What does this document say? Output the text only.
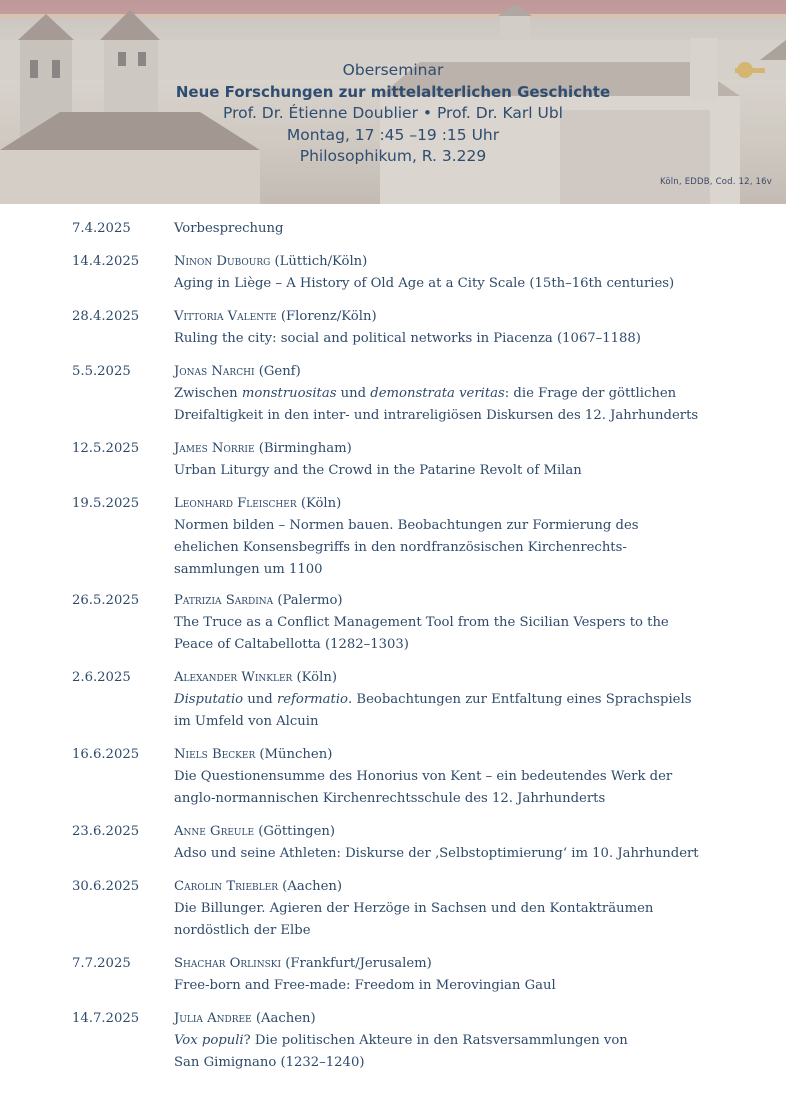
Oberseminar
Neue Forschungen zur mittelalterlichen Geschichte
Prof. Dr. Étienne Doublier • Prof. Dr. Karl Ubl
Montag, 17 :45 –19 :15 Uhr
Philosophikum, R. 3.229
Köln, EDDB, Cod. 12, 16v
7.4.2025	Vorbesprechung
14.4.2025	Ninon Dubourg (Lüttich/Köln)
Aging in Liège – A History of Old Age at a City Scale (15th–16th centuries)
28.4.2025	Vittoria Valente (Florenz/Köln)
Ruling the city: social and political networks in Piacenza (1067–1188)
5.5.2025	Jonas Narchi (Genf)
Zwischen monstruositas und demonstrata veritas: die Frage der göttlichen
Dreifaltigkeit in den inter- und intrareligiösen Diskursen des 12. Jahrhunderts
12.5.2025	James Norrie (Birmingham)
Urban Liturgy and the Crowd in the Patarine Revolt of Milan
19.5.2025	Leonhard Fleischer (Köln)
Normen bilden – Normen bauen. Beobachtungen zur Formierung des
ehelichen Konsensbegriffs in den nordfranzösischen Kirchenrechts-
sammlungen um 1100
26.5.2025	Patrizia Sardina (Palermo)
The Truce as a Conflict Management Tool from the Sicilian Vespers to the
Peace of Caltabellotta (1282–1303)
2.6.2025	Alexander Winkler (Köln)
Disputatio und reformatio. Beobachtungen zur Entfaltung eines Sprachspiels
im Umfeld von Alcuin
16.6.2025	Niels Becker (München)
Die Questionensumme des Honorius von Kent – ein bedeutendes Werk der
anglo-normannischen Kirchenrechtsschule des 12. Jahrhunderts
23.6.2025	Anne Greule (Göttingen)
Adso und seine Athleten: Diskurse der ‚Selbstoptimierung‘ im 10. Jahrhundert
30.6.2025	Carolin Triebler (Aachen)
Die Billunger. Agieren der Herzöge in Sachsen und den Kontakträumen
nordöstlich der Elbe
7.7.2025	Shachar Orlinski (Frankfurt/Jerusalem)
Free-born and Free-made: Freedom in Merovingian Gaul
14.7.2025	Julia Andree (Aachen)
Vox populi? Die politischen Akteure in den Ratsversammlungen von
San Gimignano (1232–1240)
